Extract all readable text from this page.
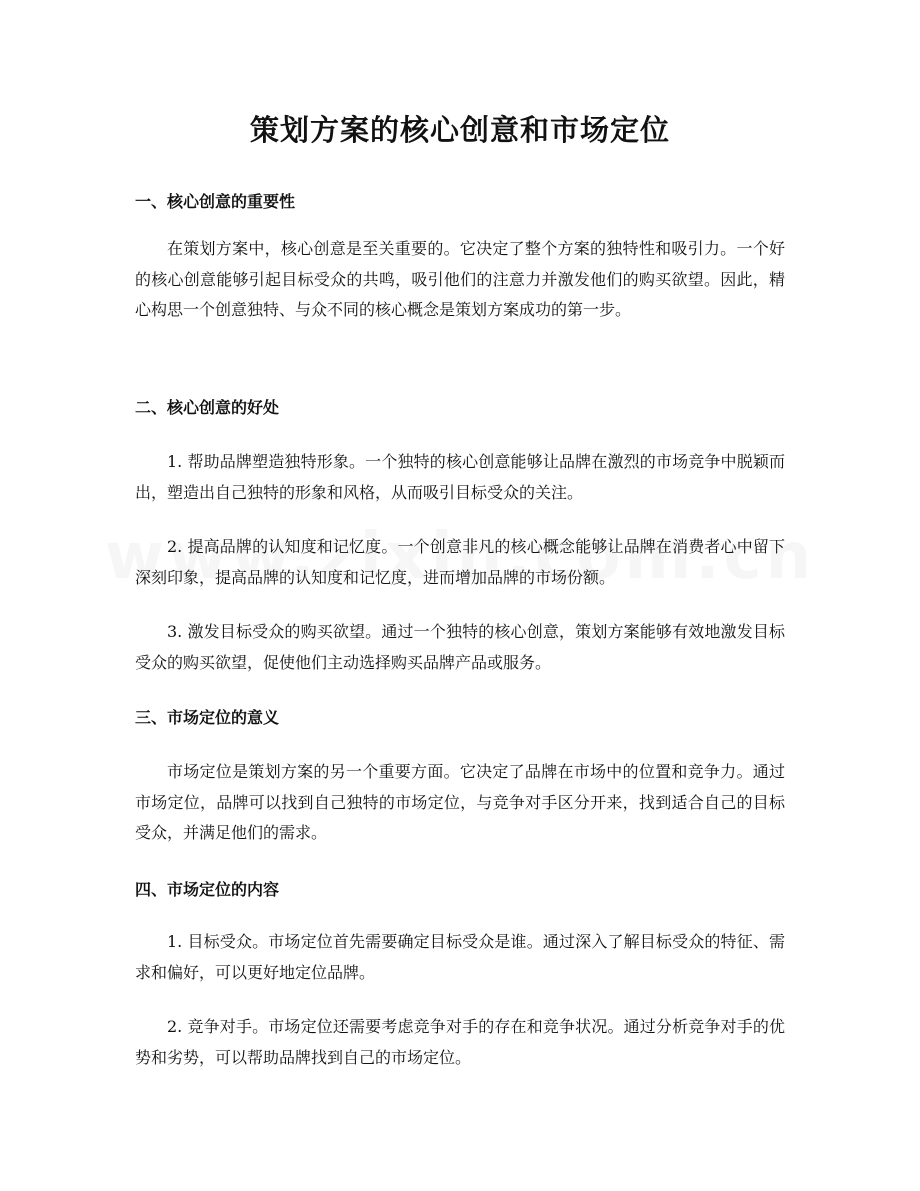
策划方案的核心创意和市场定位
一、核心创意的重要性

在策划方案中，核心创意是至关重要的。它决定了整个方案的独特性和吸引力。一个好的核心创意能够引起目标受众的共鸣，吸引他们的注意力并激发他们的购买欲望。因此，精心构思一个创意独特、与众不同的核心概念是策划方案成功的第一步。

二、核心创意的好处

1. 帮助品牌塑造独特形象。一个独特的核心创意能够让品牌在激烈的市场竞争中脱颖而出，塑造出自己独特的形象和风格，从而吸引目标受众的关注。

2. 提高品牌的认知度和记忆度。一个创意非凡的核心概念能够让品牌在消费者心中留下深刻印象，提高品牌的认知度和记忆度，进而增加品牌的市场份额。

3. 激发目标受众的购买欲望。通过一个独特的核心创意，策划方案能够有效地激发目标受众的购买欲望，促使他们主动选择购买品牌产品或服务。

三、市场定位的意义

市场定位是策划方案的另一个重要方面。它决定了品牌在市场中的位置和竞争力。通过市场定位，品牌可以找到自己独特的市场定位，与竞争对手区分开来，找到适合自己的目标受众，并满足他们的需求。

四、市场定位的内容

1. 目标受众。市场定位首先需要确定目标受众是谁。通过深入了解目标受众的特征、需求和偏好，可以更好地定位品牌。

2. 竞争对手。市场定位还需要考虑竞争对手的存在和竞争状况。通过分析竞争对手的优势和劣势，可以帮助品牌找到自己的市场定位。
